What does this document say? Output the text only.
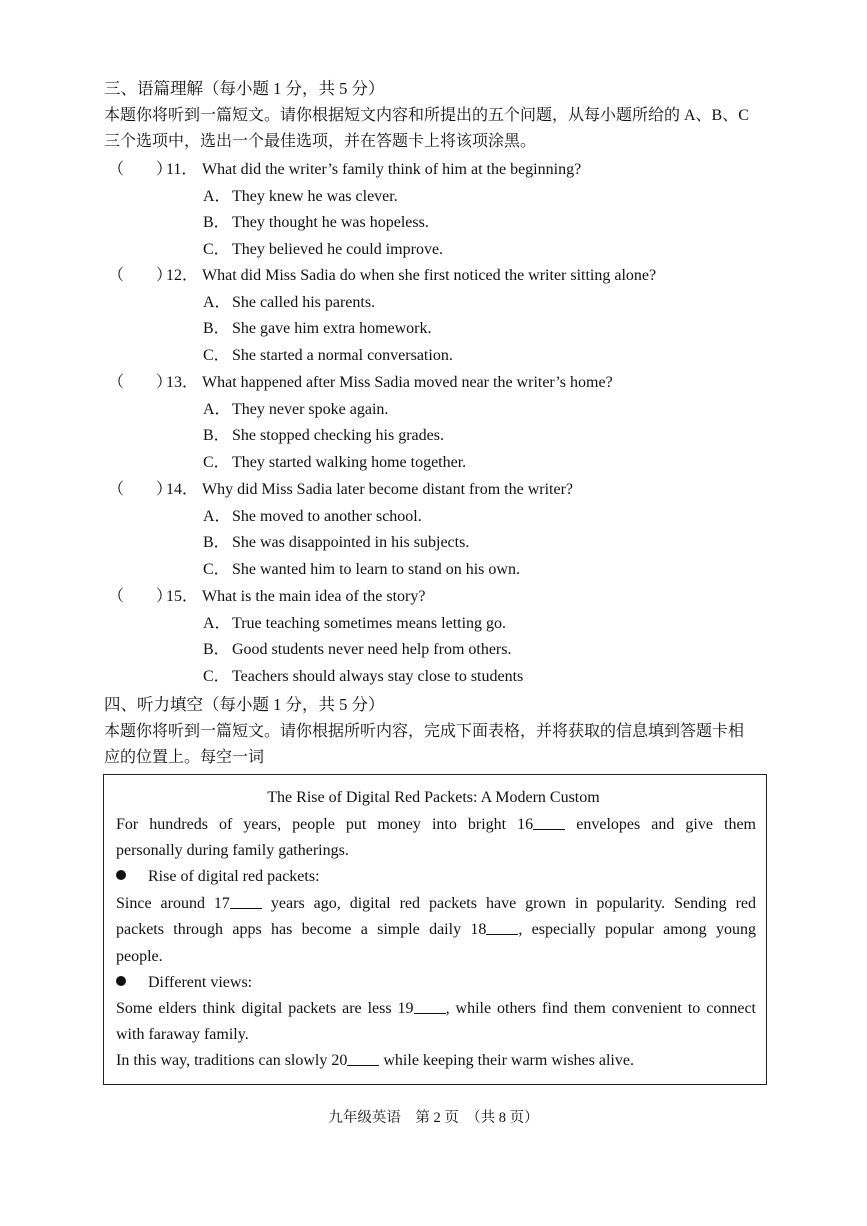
三、语篇理解（每小题 1 分，共 5 分）
本题你将听到一篇短文。请你根据短文内容和所提出的五个问题，从每小题所给的 A、B、C
三个选项中，选出一个最佳选项，并在答题卡上将该项涂黑。
（　　）11． What did the writer’s family think of him at the beginning?
A．They knew he was clever.
B． They thought he was hopeless.
C． They believed he could improve.
（　　）12． What did Miss Sadia do when she first noticed the writer sitting alone?
A．She called his parents.
B． She gave him extra homework.
C． She started a normal conversation.
（　　）13． What happened after Miss Sadia moved near the writer’s home?
A．They never spoke again.
B． She stopped checking his grades.
C． They started walking home together.
（　　）14． Why did Miss Sadia later become distant from the writer?
A．She moved to another school.
B． She was disappointed in his subjects.
C． She wanted him to learn to stand on his own.
（　　）15． What is the main idea of the story?
A．True teaching sometimes means letting go.
B． Good students never need help from others.
C． Teachers should always stay close to students
四、听力填空（每小题 1 分，共 5 分）
本题你将听到一篇短文。请你根据所听内容，完成下面表格，并将获取的信息填到答题卡相
应的位置上。每空一词
The Rise of Digital Red Packets: A Modern Custom
For hundreds of years, people put money into bright 16 envelopes and give them
personally during family gatherings.
Rise of digital red packets:
Since around 17 years ago, digital red packets have grown in popularity. Sending red
packets through apps has become a simple daily 18 , especially popular among young
people.
Different views:
Some elders think digital packets are less 19 , while others find them convenient to connect
with faraway family.
In this way, traditions can slowly 20 while keeping their warm wishes alive.
九年级英语　第 2 页　（共 8 页）
